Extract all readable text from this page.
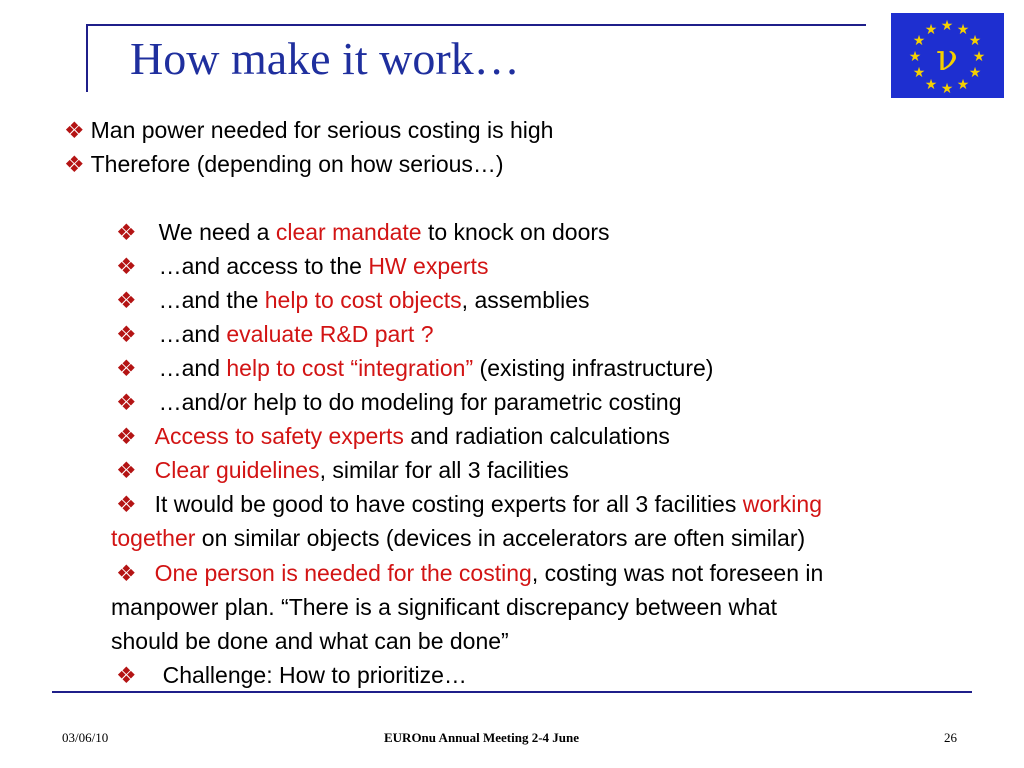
How make it work…
★ ★
★
★
★
★
★
★
★
★
★
★
ν
❖ Man power needed for serious costing is high
❖ Therefore (depending on how serious…)
❖ We need a clear mandate to knock on doors
❖ …and access to the HW experts
❖ …and the help to cost objects, assemblies
❖ …and evaluate R&D part ?
❖ …and help to cost “integration” (existing infrastructure)
❖ …and/or help to do modeling for parametric costing
❖ Access to safety experts and radiation calculations
❖ Clear guidelines, similar for all 3 facilities
❖ It would be good to have costing experts for all 3 facilities working
together on similar objects (devices in accelerators are often similar)
❖ One person is needed for the costing, costing was not foreseen in
manpower plan. “There is a significant discrepancy between what
should be done and what can be done”
❖ Challenge: How to prioritize…
03/06/10	EUROnu Annual Meeting 2-4 June	26
